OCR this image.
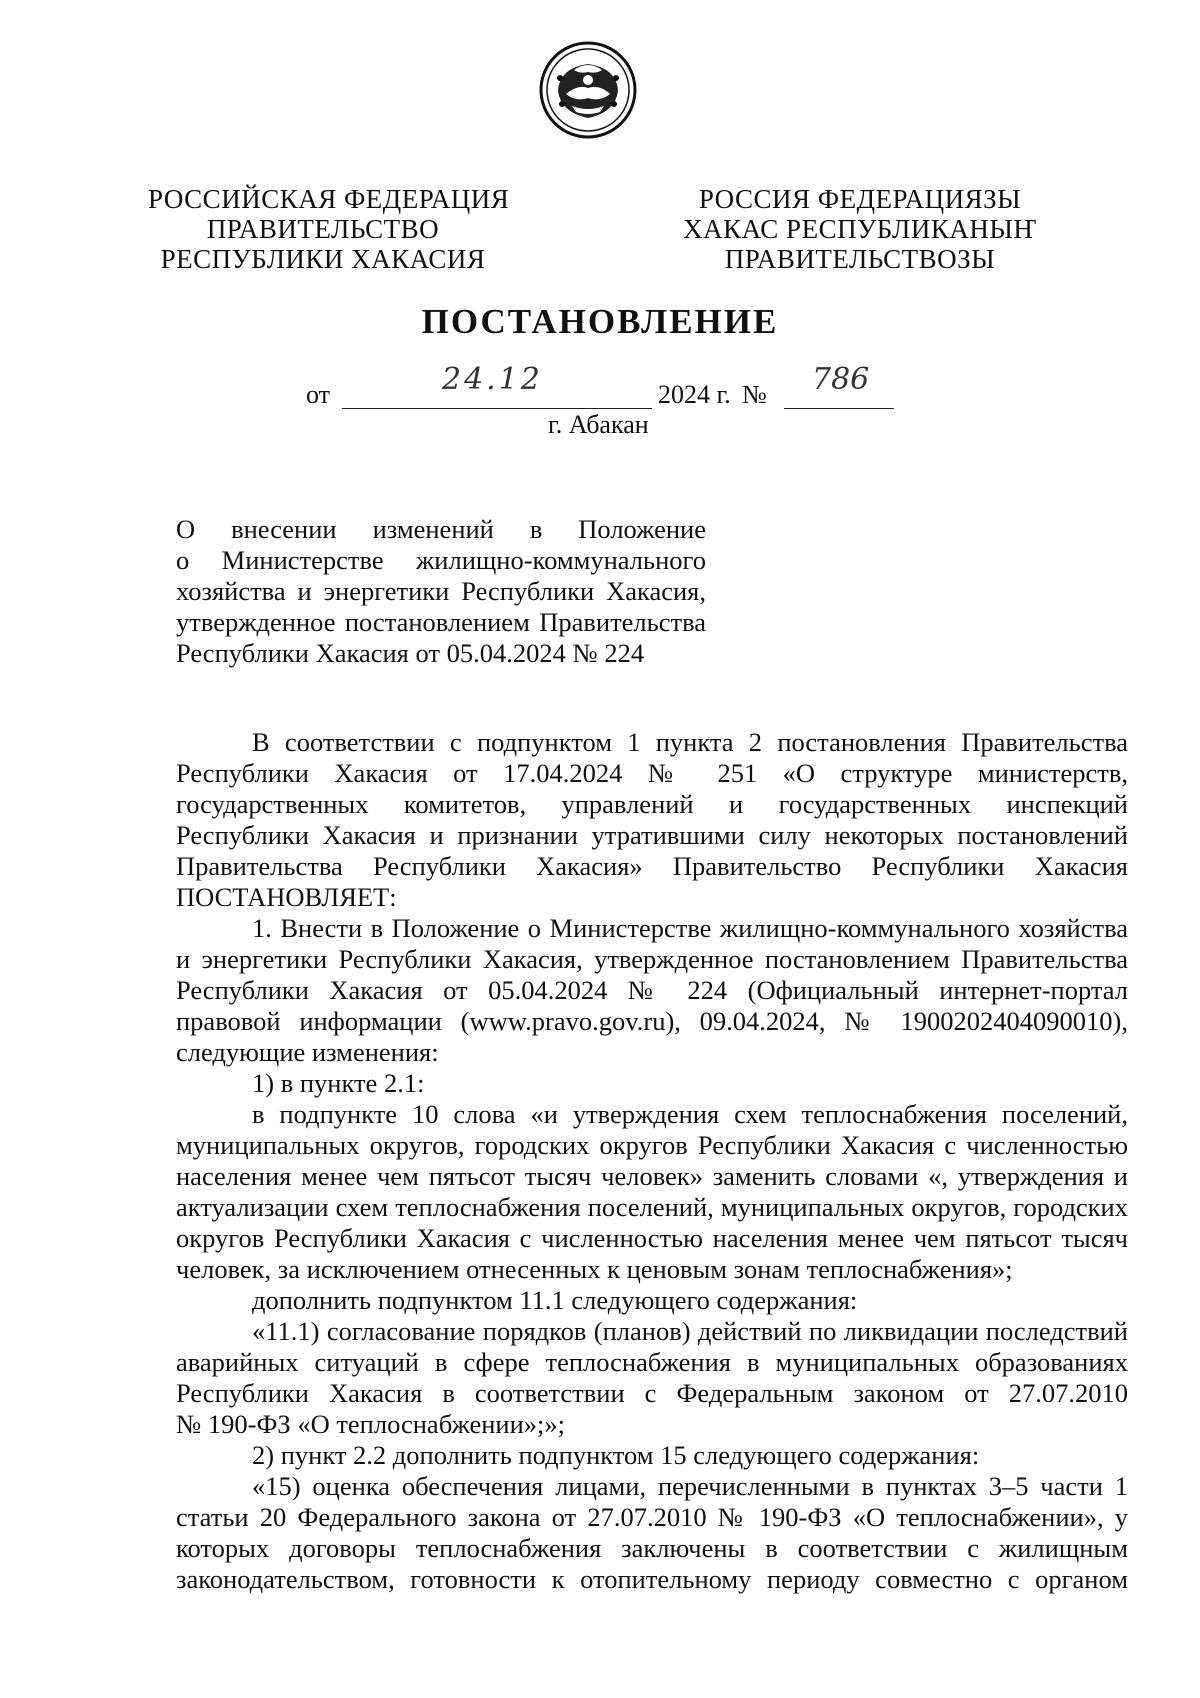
РОССИЙСКАЯ ФЕДЕРАЦИЯ
ПРАВИТЕЛЬСТВО
РЕСПУБЛИКИ ХАКАСИЯ
РОССИЯ ФЕДЕРАЦИЯЗЫ
ХАКАС РЕСПУБЛИКАНЫҤ
ПРАВИТЕЛЬСТВОЗЫ
ПОСТАНОВЛЕНИЕ
от	24.12	2024 г. № 786
г. Абакан
О внесении изменений в Положение
о Министерстве жилищно-коммунального
хозяйства и энергетики Республики Хакасия,
утвержденное постановлением Правительства
Республики Хакасия от 05.04.2024 № 224
В соответствии с подпунктом 1 пункта 2 постановления Правительства
Республики Хакасия от 17.04.2024 № 251 «О структуре министерств,
государственных комитетов, управлений и государственных инспекций
Республики Хакасия и признании утратившими силу некоторых постановлений
Правительства Республики Хакасия» Правительство Республики Хакасия
ПОСТАНОВЛЯЕТ:
1. Внести в Положение о Министерстве жилищно-коммунального хозяйства
и энергетики Республики Хакасия, утвержденное постановлением Правительства
Республики Хакасия от 05.04.2024 № 224 (Официальный интернет-портал
правовой информации (www.pravo.gov.ru), 09.04.2024, № 1900202404090010),
следующие изменения:
1) в пункте 2.1:
в подпункте 10 слова «и утверждения схем теплоснабжения поселений,
муниципальных округов, городских округов Республики Хакасия с численностью
населения менее чем пятьсот тысяч человек» заменить словами «, утверждения и
актуализации схем теплоснабжения поселений, муниципальных округов, городских
округов Республики Хакасия с численностью населения менее чем пятьсот тысяч
человек, за исключением отнесенных к ценовым зонам теплоснабжения»;
дополнить подпунктом 11.1 следующего содержания:
«11.1) согласование порядков (планов) действий по ликвидации последствий
аварийных ситуаций в сфере теплоснабжения в муниципальных образованиях
Республики Хакасия в соответствии с Федеральным законом от 27.07.2010
№ 190-ФЗ «О теплоснабжении»;»;
2) пункт 2.2 дополнить подпунктом 15 следующего содержания:
«15) оценка обеспечения лицами, перечисленными в пунктах 3–5 части 1
статьи 20 Федерального закона от 27.07.2010 № 190-ФЗ «О теплоснабжении», у
которых договоры теплоснабжения заключены в соответствии с жилищным
законодательством, готовности к отопительному периоду совместно с органом
